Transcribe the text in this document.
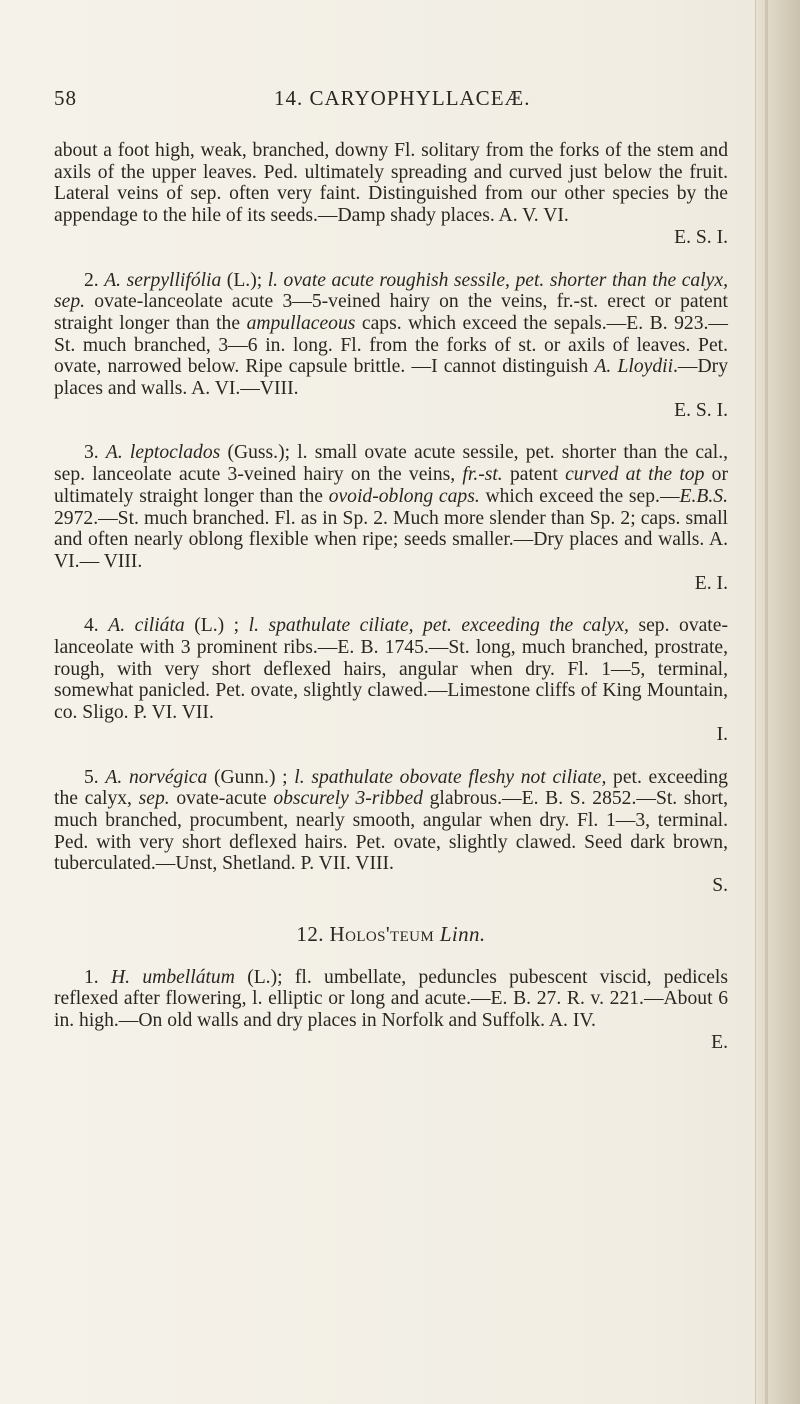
58	14. CARYOPHYLLACEÆ.

about a foot high, weak, branched, downy Fl. solitary from the forks of the stem and axils of the upper leaves. Ped. ultimately spreading and curved just below the fruit. Lateral veins of sep. often very faint. Distinguished from our other species by the appendage to the hile of its seeds.—Damp shady places. A. V. VI.
E. S. I.

2. A. serpyllifólia (L.); l. ovate acute roughish sessile, pet. shorter than the calyx, sep. ovate-lanceolate acute 3—5-veined hairy on the veins, fr.-st. erect or patent straight longer than the ampullaceous caps. which exceed the sepals.—E. B. 923.—St. much branched, 3—6 in. long. Fl. from the forks of st. or axils of leaves. Pet. ovate, narrowed below. Ripe capsule brittle. —I cannot distinguish A. Lloydii.—Dry places and walls. A. VI.—VIII.
E. S. I.

3. A. leptoclados (Guss.); l. small ovate acute sessile, pet. shorter than the cal., sep. lanceolate acute 3-veined hairy on the veins, fr.-st. patent curved at the top or ultimately straight longer than the ovoid-oblong caps. which exceed the sep.—E.B.S. 2972.—St. much branched. Fl. as in Sp. 2. Much more slender than Sp. 2; caps. small and often nearly oblong flexible when ripe; seeds smaller.—Dry places and walls. A. VI.— VIII.
E. I.

4. A. ciliáta (L.) ; l. spathulate ciliate, pet. exceeding the calyx, sep. ovate-lanceolate with 3 prominent ribs.—E. B. 1745.—St. long, much branched, prostrate, rough, with very short deflexed hairs, angular when dry. Fl. 1—5, terminal, somewhat panicled. Pet. ovate, slightly clawed.—Limestone cliffs of King Mountain, co. Sligo. P. VI. VII.
I.

5. A. norvégica (Gunn.) ; l. spathulate obovate fleshy not ciliate, pet. exceeding the calyx, sep. ovate-acute obscurely 3-ribbed glabrous.—E. B. S. 2852.—St. short, much branched, procumbent, nearly smooth, angular when dry. Fl. 1—3, terminal. Ped. with very short deflexed hairs. Pet. ovate, slightly clawed. Seed dark brown, tuberculated.—Unst, Shetland. P. VII. VIII.
S.

12. Holos'teum Linn.

1. H. umbellátum (L.); fl. umbellate, peduncles pubescent viscid, pedicels reflexed after flowering, l. elliptic or long and acute.—E. B. 27. R. v. 221.—About 6 in. high.—On old walls and dry places in Norfolk and Suffolk. A. IV.
E.
